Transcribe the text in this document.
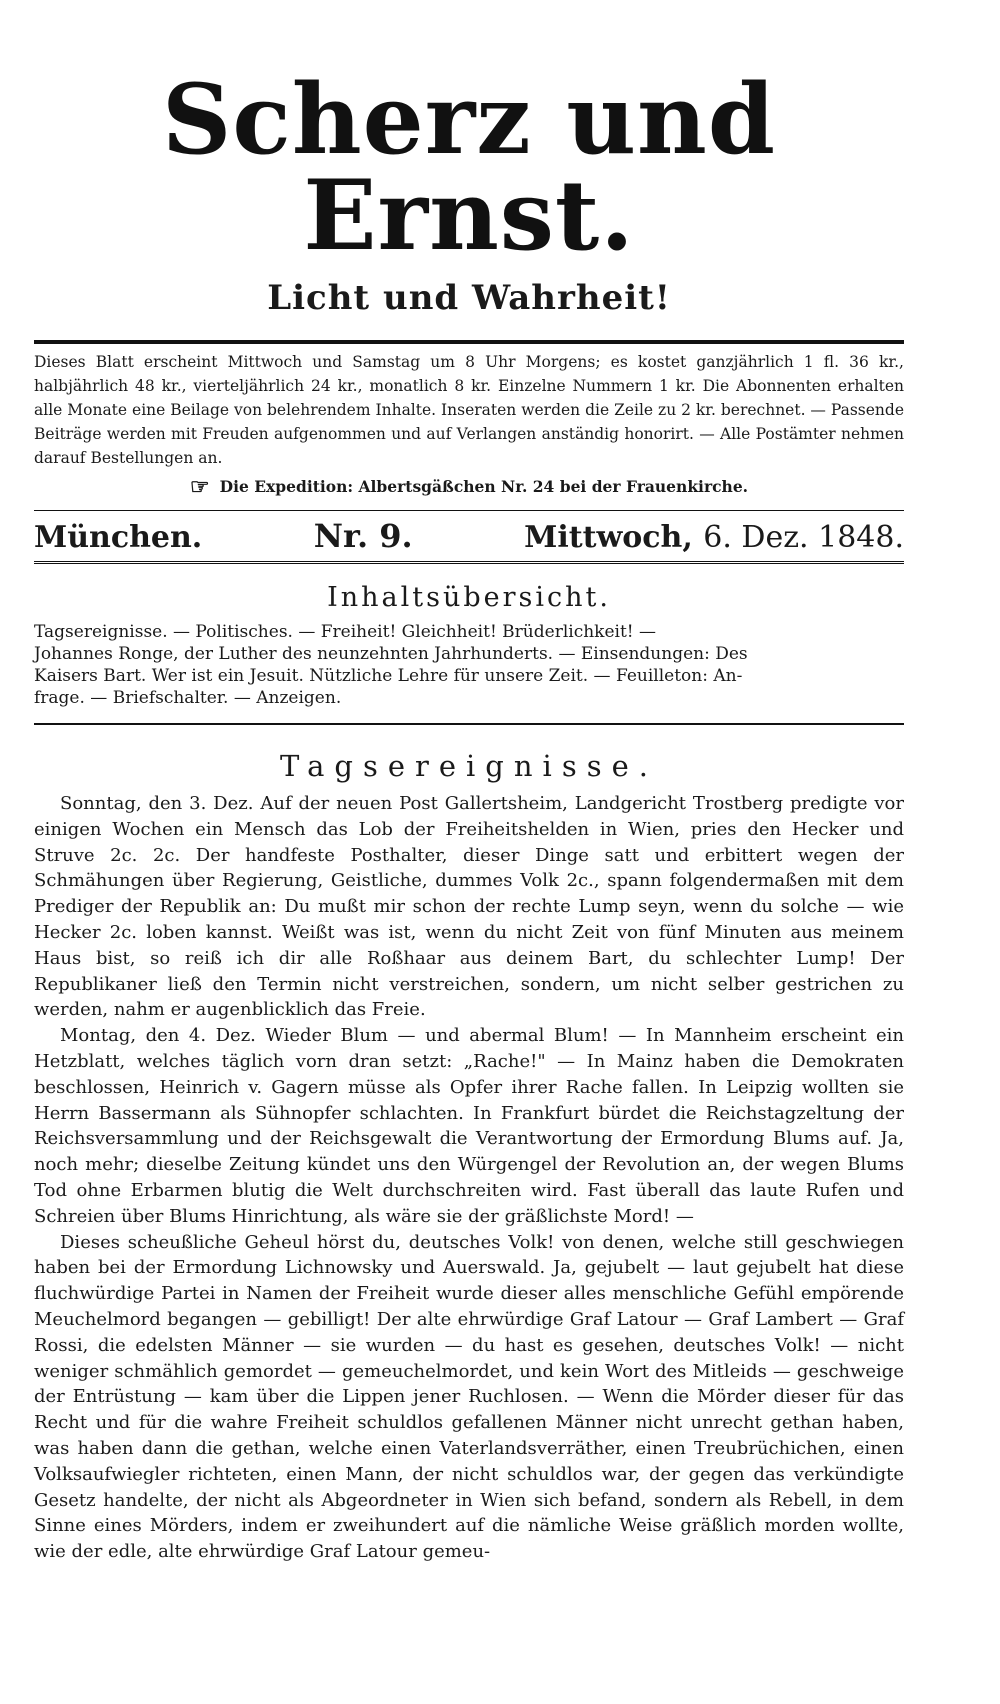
Scherz und Ernst.
Licht und Wahrheit!
Dieses Blatt erscheint Mittwoch und Samstag um 8 Uhr Morgens; es kostet ganzjährlich 1 fl. 36 kr., halbjährlich 48 kr., vierteljährlich 24 kr., monatlich 8 kr. Einzelne Nummern 1 kr. Die Abonnenten erhalten alle Monate eine Beilage von belehrendem Inhalte. Inseraten werden die Zeile zu 2 kr. berechnet. — Passende Beiträge werden mit Freuden aufgenommen und auf Verlangen anständig honorirt. — Alle Postämter nehmen darauf Bestellungen an.
☞ Die Expedition: Albertsgäßchen Nr. 24 bei der Frauenkirche.
München.	Nr. 9.	Mittwoch, 6. Dez. 1848.
Inhaltsübersicht.
Tagsereignisse. — Politisches. — Freiheit! Gleichheit! Brüderlichkeit! —
Johannes Ronge, der Luther des neunzehnten Jahrhunderts. — Einsendungen: Des
Kaisers Bart. Wer ist ein Jesuit. Nützliche Lehre für unsere Zeit. — Feuilleton: An-
frage. — Briefschalter. — Anzeigen.
Tagsereignisse.

Sonntag, den 3. Dez. Auf der neuen Post Gallertsheim, Landgericht Trostberg predigte vor einigen Wochen ein Mensch das Lob der Freiheitshelden in Wien, pries den Hecker und Struve 2c. 2c. Der handfeste Posthalter, dieser Dinge satt und erbittert wegen der Schmähungen über Regierung, Geistliche, dummes Volk 2c., spann folgendermaßen mit dem Prediger der Republik an: Du mußt mir schon der rechte Lump seyn, wenn du solche — wie Hecker 2c. loben kannst. Weißt was ist, wenn du nicht Zeit von fünf Minuten aus meinem Haus bist, so reiß ich dir alle Roßhaar aus deinem Bart, du schlechter Lump! Der Republikaner ließ den Termin nicht verstreichen, sondern, um nicht selber gestrichen zu werden, nahm er augenblicklich das Freie.

Montag, den 4. Dez. Wieder Blum — und abermal Blum! — In Mannheim erscheint ein Hetzblatt, welches täglich vorn dran setzt: „Rache!" — In Mainz haben die Demokraten beschlossen, Heinrich v. Gagern müsse als Opfer ihrer Rache fallen. In Leipzig wollten sie Herrn Bassermann als Sühnopfer schlachten. In Frankfurt bürdet die Reichstagzeltung der Reichsversammlung und der Reichsgewalt die Verantwortung der Ermordung Blums auf. Ja, noch mehr; dieselbe Zeitung kündet uns den Würgengel der Revolution an, der wegen Blums Tod ohne Erbarmen blutig die Welt durchschreiten wird. Fast überall das laute Rufen und Schreien über Blums Hinrichtung, als wäre sie der gräßlichste Mord! —

Dieses scheußliche Geheul hörst du, deutsches Volk! von denen, welche still geschwiegen haben bei der Ermordung Lichnowsky und Auerswald. Ja, gejubelt — laut gejubelt hat diese fluchwürdige Partei in Namen der Freiheit wurde dieser alles menschliche Gefühl empörende Meuchelmord begangen — gebilligt! Der alte ehrwürdige Graf Latour — Graf Lambert — Graf Rossi, die edelsten Männer — sie wurden — du hast es gesehen, deutsches Volk! — nicht weniger schmählich gemordet — gemeuchelmordet, und kein Wort des Mitleids — geschweige der Entrüstung — kam über die Lippen jener Ruchlosen. — Wenn die Mörder dieser für das Recht und für die wahre Freiheit schuldlos gefallenen Männer nicht unrecht gethan haben, was haben dann die gethan, welche einen Vaterlandsverräther, einen Treubrüchichen, einen Volksaufwiegler richteten, einen Mann, der nicht schuldlos war, der gegen das verkündigte Gesetz handelte, der nicht als Abgeordneter in Wien sich befand, sondern als Rebell, in dem Sinne eines Mörders, indem er zweihundert auf die nämliche Weise gräßlich morden wollte, wie der edle, alte ehrwürdige Graf Latour gemeu-
